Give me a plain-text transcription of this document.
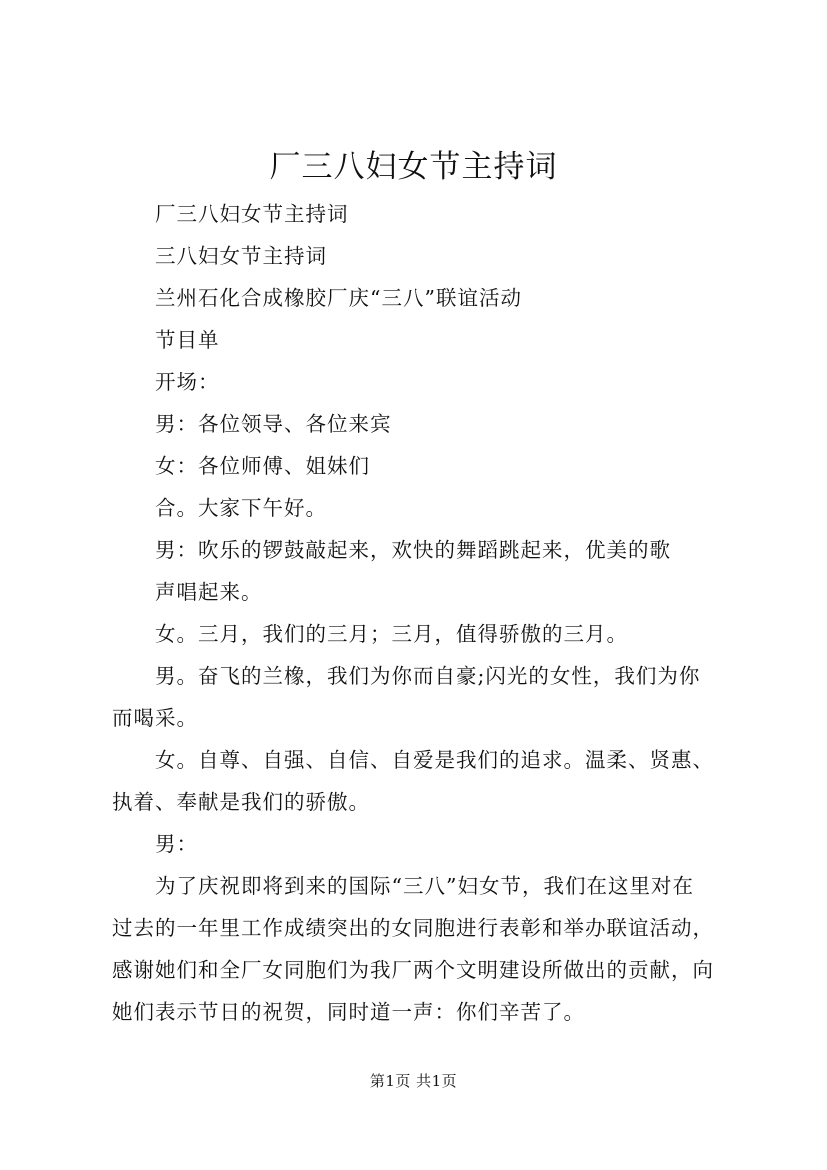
厂三八妇女节主持词
厂三八妇女节主持词
三八妇女节主持词
兰州石化合成橡胶厂庆“三八”联谊活动
节目单
开场：
男：各位领导、各位来宾
女：各位师傅、姐妹们
合。大家下午好。
男：吹乐的锣鼓敲起来，欢快的舞蹈跳起来，优美的歌
声唱起来。
女。三月，我们的三月；三月，值得骄傲的三月。
男。奋飞的兰橡，我们为你而自豪;闪光的女性，我们为你
而喝采。
女。自尊、自强、自信、自爱是我们的追求。温柔、贤惠、
执着、奉献是我们的骄傲。
男：
为了庆祝即将到来的国际“三八”妇女节，我们在这里对在
过去的一年里工作成绩突出的女同胞进行表彰和举办联谊活动，
感谢她们和全厂女同胞们为我厂两个文明建设所做出的贡献，向
她们表示节日的祝贺，同时道一声：你们辛苦了。
第1页 共1页
